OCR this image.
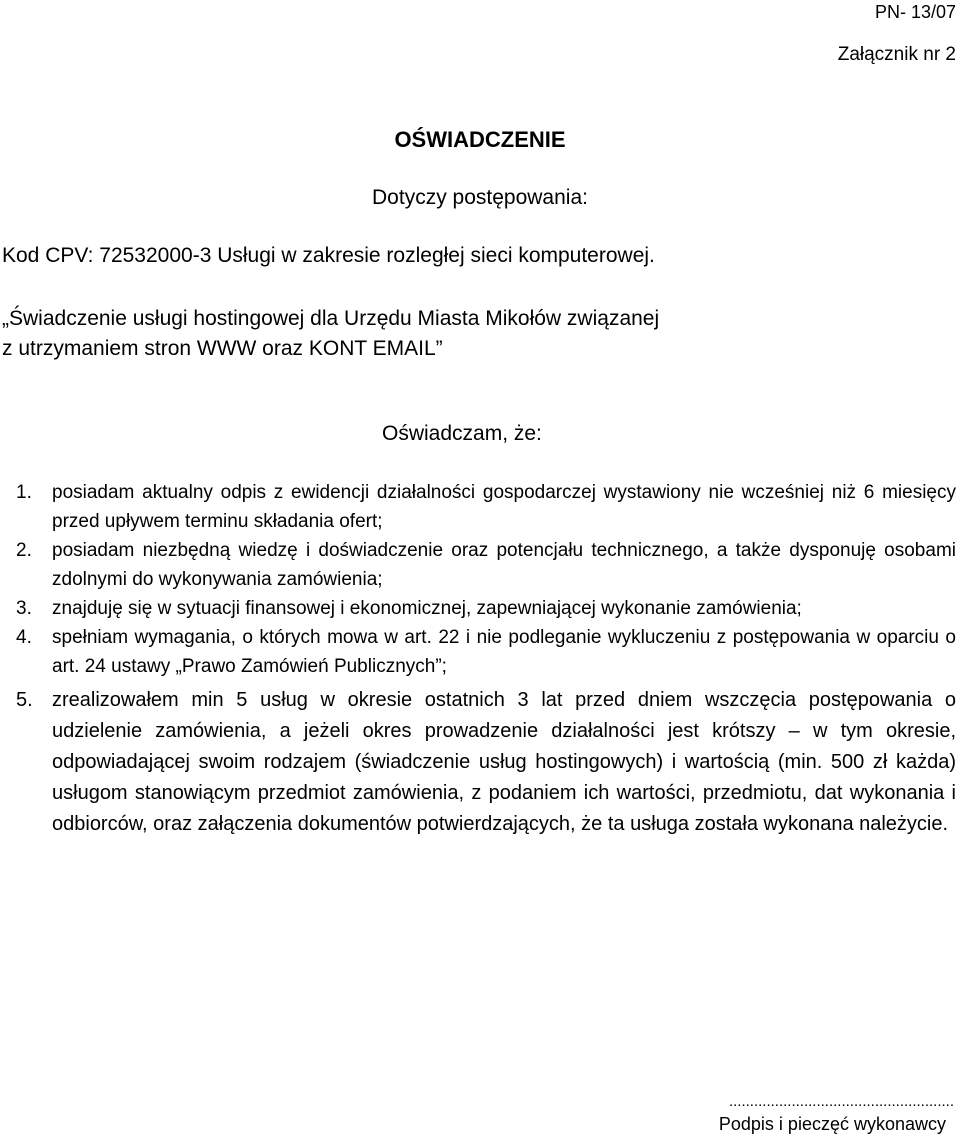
PN- 13/07
Załącznik nr 2
OŚWIADCZENIE
Dotyczy postępowania:
Kod CPV: 72532000-3 Usługi w zakresie rozległej sieci komputerowej.
„Świadczenie usługi hostingowej dla Urzędu Miasta Mikołów związanej
z utrzymaniem stron WWW oraz KONT EMAIL”
Oświadczam, że:
1.	posiadam aktualny odpis z ewidencji działalności gospodarczej wystawiony nie wcześniej niż 6 miesięcy przed upływem terminu składania ofert;
2.	posiadam niezbędną wiedzę i doświadczenie oraz potencjału technicznego, a także dysponuję osobami zdolnymi do wykonywania zamówienia;
3.	znajduję się w sytuacji finansowej i ekonomicznej, zapewniającej wykonanie zamówienia;
4.	spełniam wymagania, o których mowa w art. 22 i nie podleganie wykluczeniu z postępowania w oparciu o art. 24 ustawy „Prawo Zamówień Publicznych”;
5. zrealizowałem min 5 usług w okresie ostatnich 3 lat przed dniem wszczęcia postępowania o udzielenie zamówienia, a jeżeli okres prowadzenie działalności jest krótszy – w tym okresie, odpowiadającej swoim rodzajem (świadczenie usług hostingowych) i wartością (min. 500 zł każda) usługom stanowiącym przedmiot zamówienia, z podaniem ich wartości, przedmiotu, dat wykonania i odbiorców, oraz załączenia dokumentów potwierdzających, że ta usługa została wykonana należycie.
......................................................
Podpis i pieczęć wykonawcy
